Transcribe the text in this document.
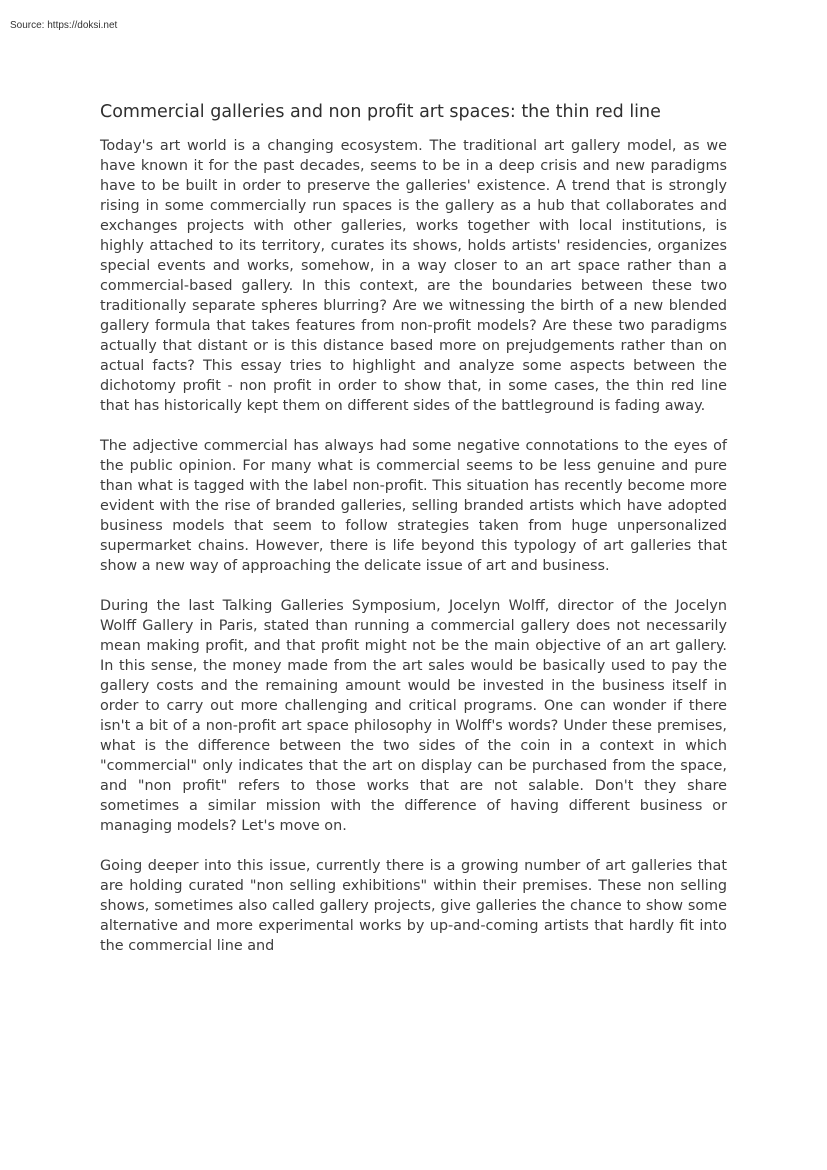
Source: https://doksi.net
Commercial galleries and non profit art spaces: the thin red line

Today's art world is a changing ecosystem. The traditional art gallery model, as we have known it for the past decades, seems to be in a deep crisis and new paradigms have to be built in order to preserve the galleries' existence. A trend that is strongly rising in some commercially run spaces is the gallery as a hub that collaborates and exchanges projects with other galleries, works together with local institutions, is highly attached to its territory, curates its shows, holds artists' residencies, organizes special events and works, somehow, in a way closer to an art space rather than a commercial-based gallery. In this context, are the boundaries between these two traditionally separate spheres blurring? Are we witnessing the birth of a new blended gallery formula that takes features from non-profit models? Are these two paradigms actually that distant or is this distance based more on prejudgements rather than on actual facts? This essay tries to highlight and analyze some aspects between the dichotomy profit - non profit in order to show that, in some cases, the thin red line that has historically kept them on different sides of the battleground is fading away.

The adjective commercial has always had some negative connotations to the eyes of the public opinion. For many what is commercial seems to be less genuine and pure than what is tagged with the label non-profit. This situation has recently become more evident with the rise of branded galleries, selling branded artists which have adopted business models that seem to follow strategies taken from huge unpersonalized supermarket chains. However, there is life beyond this typology of art galleries that show a new way of approaching the delicate issue of art and business.

During the last Talking Galleries Symposium, Jocelyn Wolff, director of the Jocelyn Wolff Gallery in Paris, stated than running a commercial gallery does not necessarily mean making profit, and that profit might not be the main objective of an art gallery. In this sense, the money made from the art sales would be basically used to pay the gallery costs and the remaining amount would be invested in the business itself in order to carry out more challenging and critical programs. One can wonder if there isn't a bit of a non-profit art space philosophy in Wolff's words? Under these premises, what is the difference between the two sides of the coin in a context in which "commercial" only indicates that the art on display can be purchased from the space, and "non profit" refers to those works that are not salable. Don't they share sometimes a similar mission with the difference of having different business or managing models? Let's move on.

Going deeper into this issue, currently there is a growing number of art galleries that are holding curated "non selling exhibitions" within their premises. These non selling shows, sometimes also called gallery projects, give galleries the chance to show some alternative and more experimental works by up-and-coming artists that hardly fit into the commercial line and
